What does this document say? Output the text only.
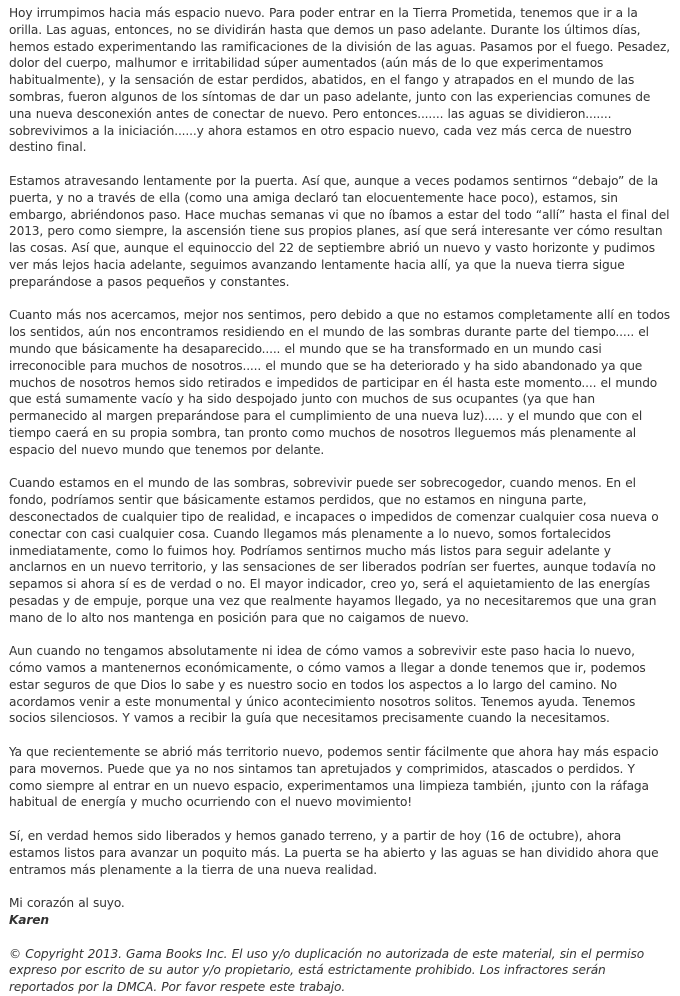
Hoy irrumpimos hacia más espacio nuevo. Para poder entrar en la Tierra Prometida, tenemos que ir a la orilla. Las aguas, entonces, no se dividirán hasta que demos un paso adelante. Durante los últimos días, hemos estado experimentando las ramificaciones de la división de las aguas. Pasamos por el fuego. Pesadez, dolor del cuerpo, malhumor e irritabilidad súper aumentados (aún más de lo que experimentamos habitualmente), y la sensación de estar perdidos, abatidos, en el fango y atrapados en el mundo de las sombras, fueron algunos de los síntomas de dar un paso adelante, junto con las experiencias comunes de una nueva desconexión antes de conectar de nuevo. Pero entonces....... las aguas se dividieron....... sobrevivimos a la iniciación......y ahora estamos en otro espacio nuevo, cada vez más cerca de nuestro destino final.

Estamos atravesando lentamente por la puerta. Así que, aunque a veces podamos sentirnos “debajo” de la puerta, y no a través de ella (como una amiga declaró tan elocuentemente hace poco), estamos, sin embargo, abriéndonos paso. Hace muchas semanas vi que no íbamos a estar del todo “allí” hasta el final del 2013, pero como siempre, la ascensión tiene sus propios planes, así que será interesante ver cómo resultan las cosas. Así que, aunque el equinoccio del 22 de septiembre abrió un nuevo y vasto horizonte y pudimos ver más lejos hacia adelante, seguimos avanzando lentamente hacia allí, ya que la nueva tierra sigue preparándose a pasos pequeños y constantes.

Cuanto más nos acercamos, mejor nos sentimos, pero debido a que no estamos completamente allí en todos los sentidos, aún nos encontramos residiendo en el mundo de las sombras durante parte del tiempo..... el mundo que básicamente ha desaparecido..... el mundo que se ha transformado en un mundo casi irreconocible para muchos de nosotros..... el mundo que se ha deteriorado y ha sido abandonado ya que muchos de nosotros hemos sido retirados e impedidos de participar en él hasta este momento.... el mundo que está sumamente vacío y ha sido despojado junto con muchos de sus ocupantes (ya que han permanecido al margen preparándose para el cumplimiento de una nueva luz)..... y el mundo que con el tiempo caerá en su propia sombra, tan pronto como muchos de nosotros lleguemos más plenamente al espacio del nuevo mundo que tenemos por delante.

Cuando estamos en el mundo de las sombras, sobrevivir puede ser sobrecogedor, cuando menos. En el fondo, podríamos sentir que básicamente estamos perdidos, que no estamos en ninguna parte, desconectados de cualquier tipo de realidad, e incapaces o impedidos de comenzar cualquier cosa nueva o conectar con casi cualquier cosa. Cuando llegamos más plenamente a lo nuevo, somos fortalecidos inmediatamente, como lo fuimos hoy. Podríamos sentirnos mucho más listos para seguir adelante y anclarnos en un nuevo territorio, y las sensaciones de ser liberados podrían ser fuertes, aunque todavía no sepamos si ahora sí es de verdad o no. El mayor indicador, creo yo, será el aquietamiento de las energías pesadas y de empuje, porque una vez que realmente hayamos llegado, ya no necesitaremos que una gran mano de lo alto nos mantenga en posición para que no caigamos de nuevo.

Aun cuando no tengamos absolutamente ni idea de cómo vamos a sobrevivir este paso hacia lo nuevo, cómo vamos a mantenernos económicamente, o cómo vamos a llegar a donde tenemos que ir, podemos estar seguros de que Dios lo sabe y es nuestro socio en todos los aspectos a lo largo del camino. No acordamos venir a este monumental y único acontecimiento nosotros solitos. Tenemos ayuda. Tenemos socios silenciosos. Y vamos a recibir la guía que necesitamos precisamente cuando la necesitamos.

Ya que recientemente se abrió más territorio nuevo, podemos sentir fácilmente que ahora hay más espacio para movernos. Puede que ya no nos sintamos tan apretujados y comprimidos, atascados o perdidos. Y como siempre al entrar en un nuevo espacio, experimentamos una limpieza también, ¡junto con la ráfaga habitual de energía y mucho ocurriendo con el nuevo movimiento!

Sí, en verdad hemos sido liberados y hemos ganado terreno, y a partir de hoy (16 de octubre), ahora estamos listos para avanzar un poquito más. La puerta se ha abierto y las aguas se han dividido ahora que entramos más plenamente a la tierra de una nueva realidad.

Mi corazón al suyo.

Karen

© Copyright 2013. Gama Books Inc. El uso y/o duplicación no autorizada de este material, sin el permiso expreso por escrito de su autor y/o propietario, está estrictamente prohibido. Los infractores serán reportados por la DMCA. Por favor respete este trabajo.
